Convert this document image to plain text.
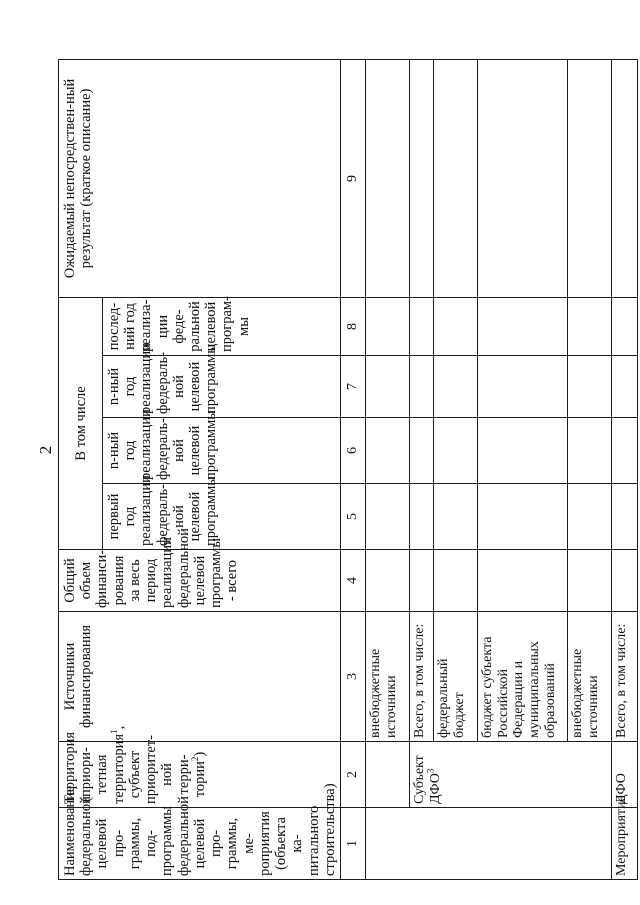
2
Наименование федеральной целевой про-граммы, под-программы федеральной целевой про-граммы, ме-роприятия (объекта ка-питального строительства)	Территория (приори-тетная территория$^1$, субъект приоритет-ной терри-тории$^2$)	Источники финансирования	Общий объем финанси-рования за весь период реализации федеральной целевой программы - всего	В том числе				Ожидаемый непосредствен-ный результат (краткое описание)
				первый год реализации федераль-ной целевой программы	n-ный год реализации федераль-ной целевой программы	n-ный год реализации федераль-ной целевой программы	послед-ний год реализа-ции феде-ральной целевой програм-мы	
1	2	3	4	5	6	7	8	9
		внебюджетные источники						
	Субъект ДФО$^3$	Всего, в том числе:						
		федеральный бюджет						
		бюджет субъекта Российской Федерации и муниципальных образований						
		внебюджетные источники						
Мероприятие	ДФО	Всего, в том числе:						
